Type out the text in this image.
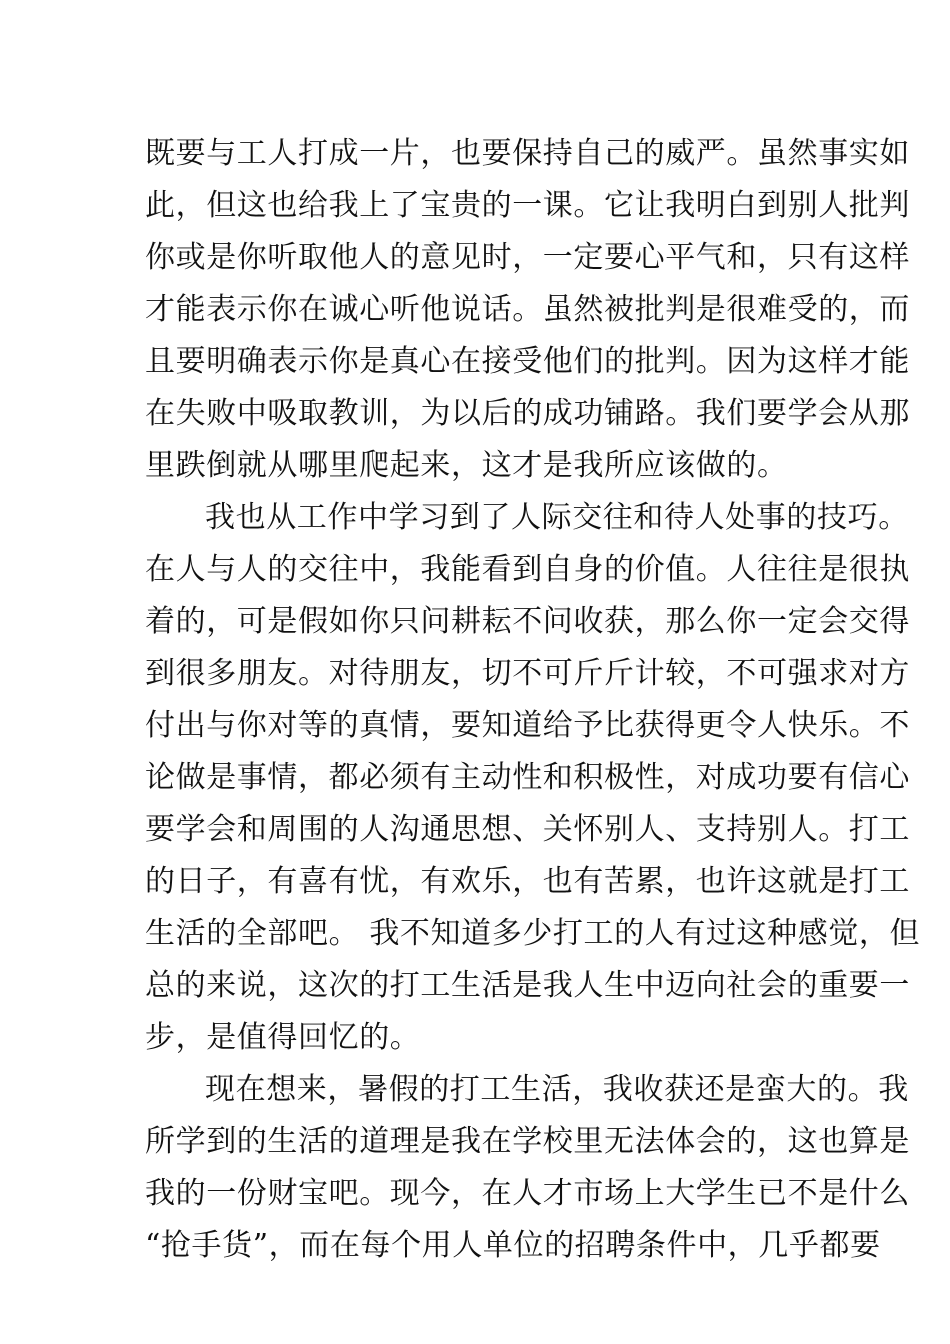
既要与工人打成一片，也要保持自己的威严。虽然事实如
此，但这也给我上了宝贵的一课。它让我明白到别人批判
你或是你听取他人的意见时，一定要心平气和，只有这样
才能表示你在诚心听他说话。虽然被批判是很难受的，而
且要明确表示你是真心在接受他们的批判。因为这样才能
在失败中吸取教训，为以后的成功铺路。我们要学会从那
里跌倒就从哪里爬起来，这才是我所应该做的。
我也从工作中学习到了人际交往和待人处事的技巧。
在人与人的交往中，我能看到自身的价值。人往往是很执
着的，可是假如你只问耕耘不问收获，那么你一定会交得
到很多朋友。对待朋友，切不可斤斤计较，不可强求对方
付出与你对等的真情，要知道给予比获得更令人快乐。不
论做是事情，都必须有主动性和积极性，对成功要有信心
要学会和周围的人沟通思想、关怀别人、支持别人。打工
的日子，有喜有忧，有欢乐，也有苦累，也许这就是打工
生活的全部吧。 我不知道多少打工的人有过这种感觉，但
总的来说，这次的打工生活是我人生中迈向社会的重要一
步，是值得回忆的。
现在想来，暑假的打工生活，我收获还是蛮大的。我
所学到的生活的道理是我在学校里无法体会的，这也算是
我的一份财宝吧。现今，在人才市场上大学生已不是什么
“抢手货”，而在每个用人单位的招聘条件中，几乎都要
